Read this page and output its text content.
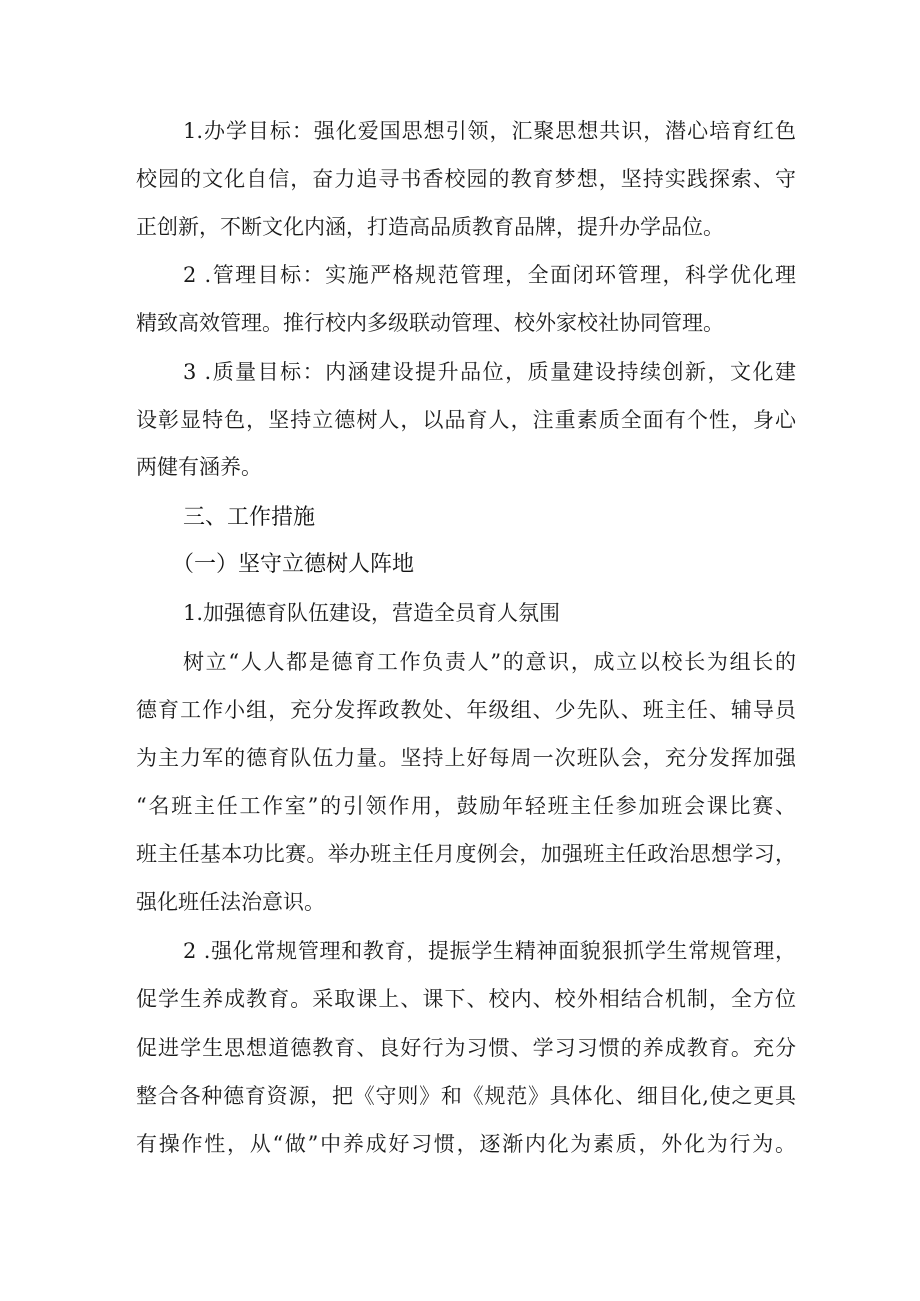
1.办学目标：强化爱国思想引领，汇聚思想共识，潜心培育红色
校园的文化自信，奋力追寻书香校园的教育梦想，坚持实践探索、守
正创新，不断文化内涵，打造高品质教育品牌，提升办学品位。
2 .管理目标：实施严格规范管理，全面闭环管理，科学优化理
精致高效管理。推行校内多级联动管理、校外家校社协同管理。
3 .质量目标：内涵建设提升品位，质量建设持续创新，文化建
设彰显特色，坚持立德树人，以品育人，注重素质全面有个性，身心
两健有涵养。
三、工作措施
（一）坚守立德树人阵地
1.加强德育队伍建设，营造全员育人氛围
树立“人人都是德育工作负责人”的意识，成立以校长为组长的
德育工作小组，充分发挥政教处、年级组、少先队、班主任、辅导员
为主力军的德育队伍力量。坚持上好每周一次班队会，充分发挥加强
“名班主任工作室”的引领作用，鼓励年轻班主任参加班会课比赛、
班主任基本功比赛。举办班主任月度例会，加强班主任政治思想学习，
强化班任法治意识。
2 .强化常规管理和教育，提振学生精神面貌狠抓学生常规管理，
促学生养成教育。采取课上、课下、校内、校外相结合机制，全方位
促进学生思想道德教育、良好行为习惯、学习习惯的养成教育。充分
整合各种德育资源，把《守则》和《规范》具体化、细目化,使之更具
有操作性，从“做”中养成好习惯，逐渐内化为素质，外化为行为。
